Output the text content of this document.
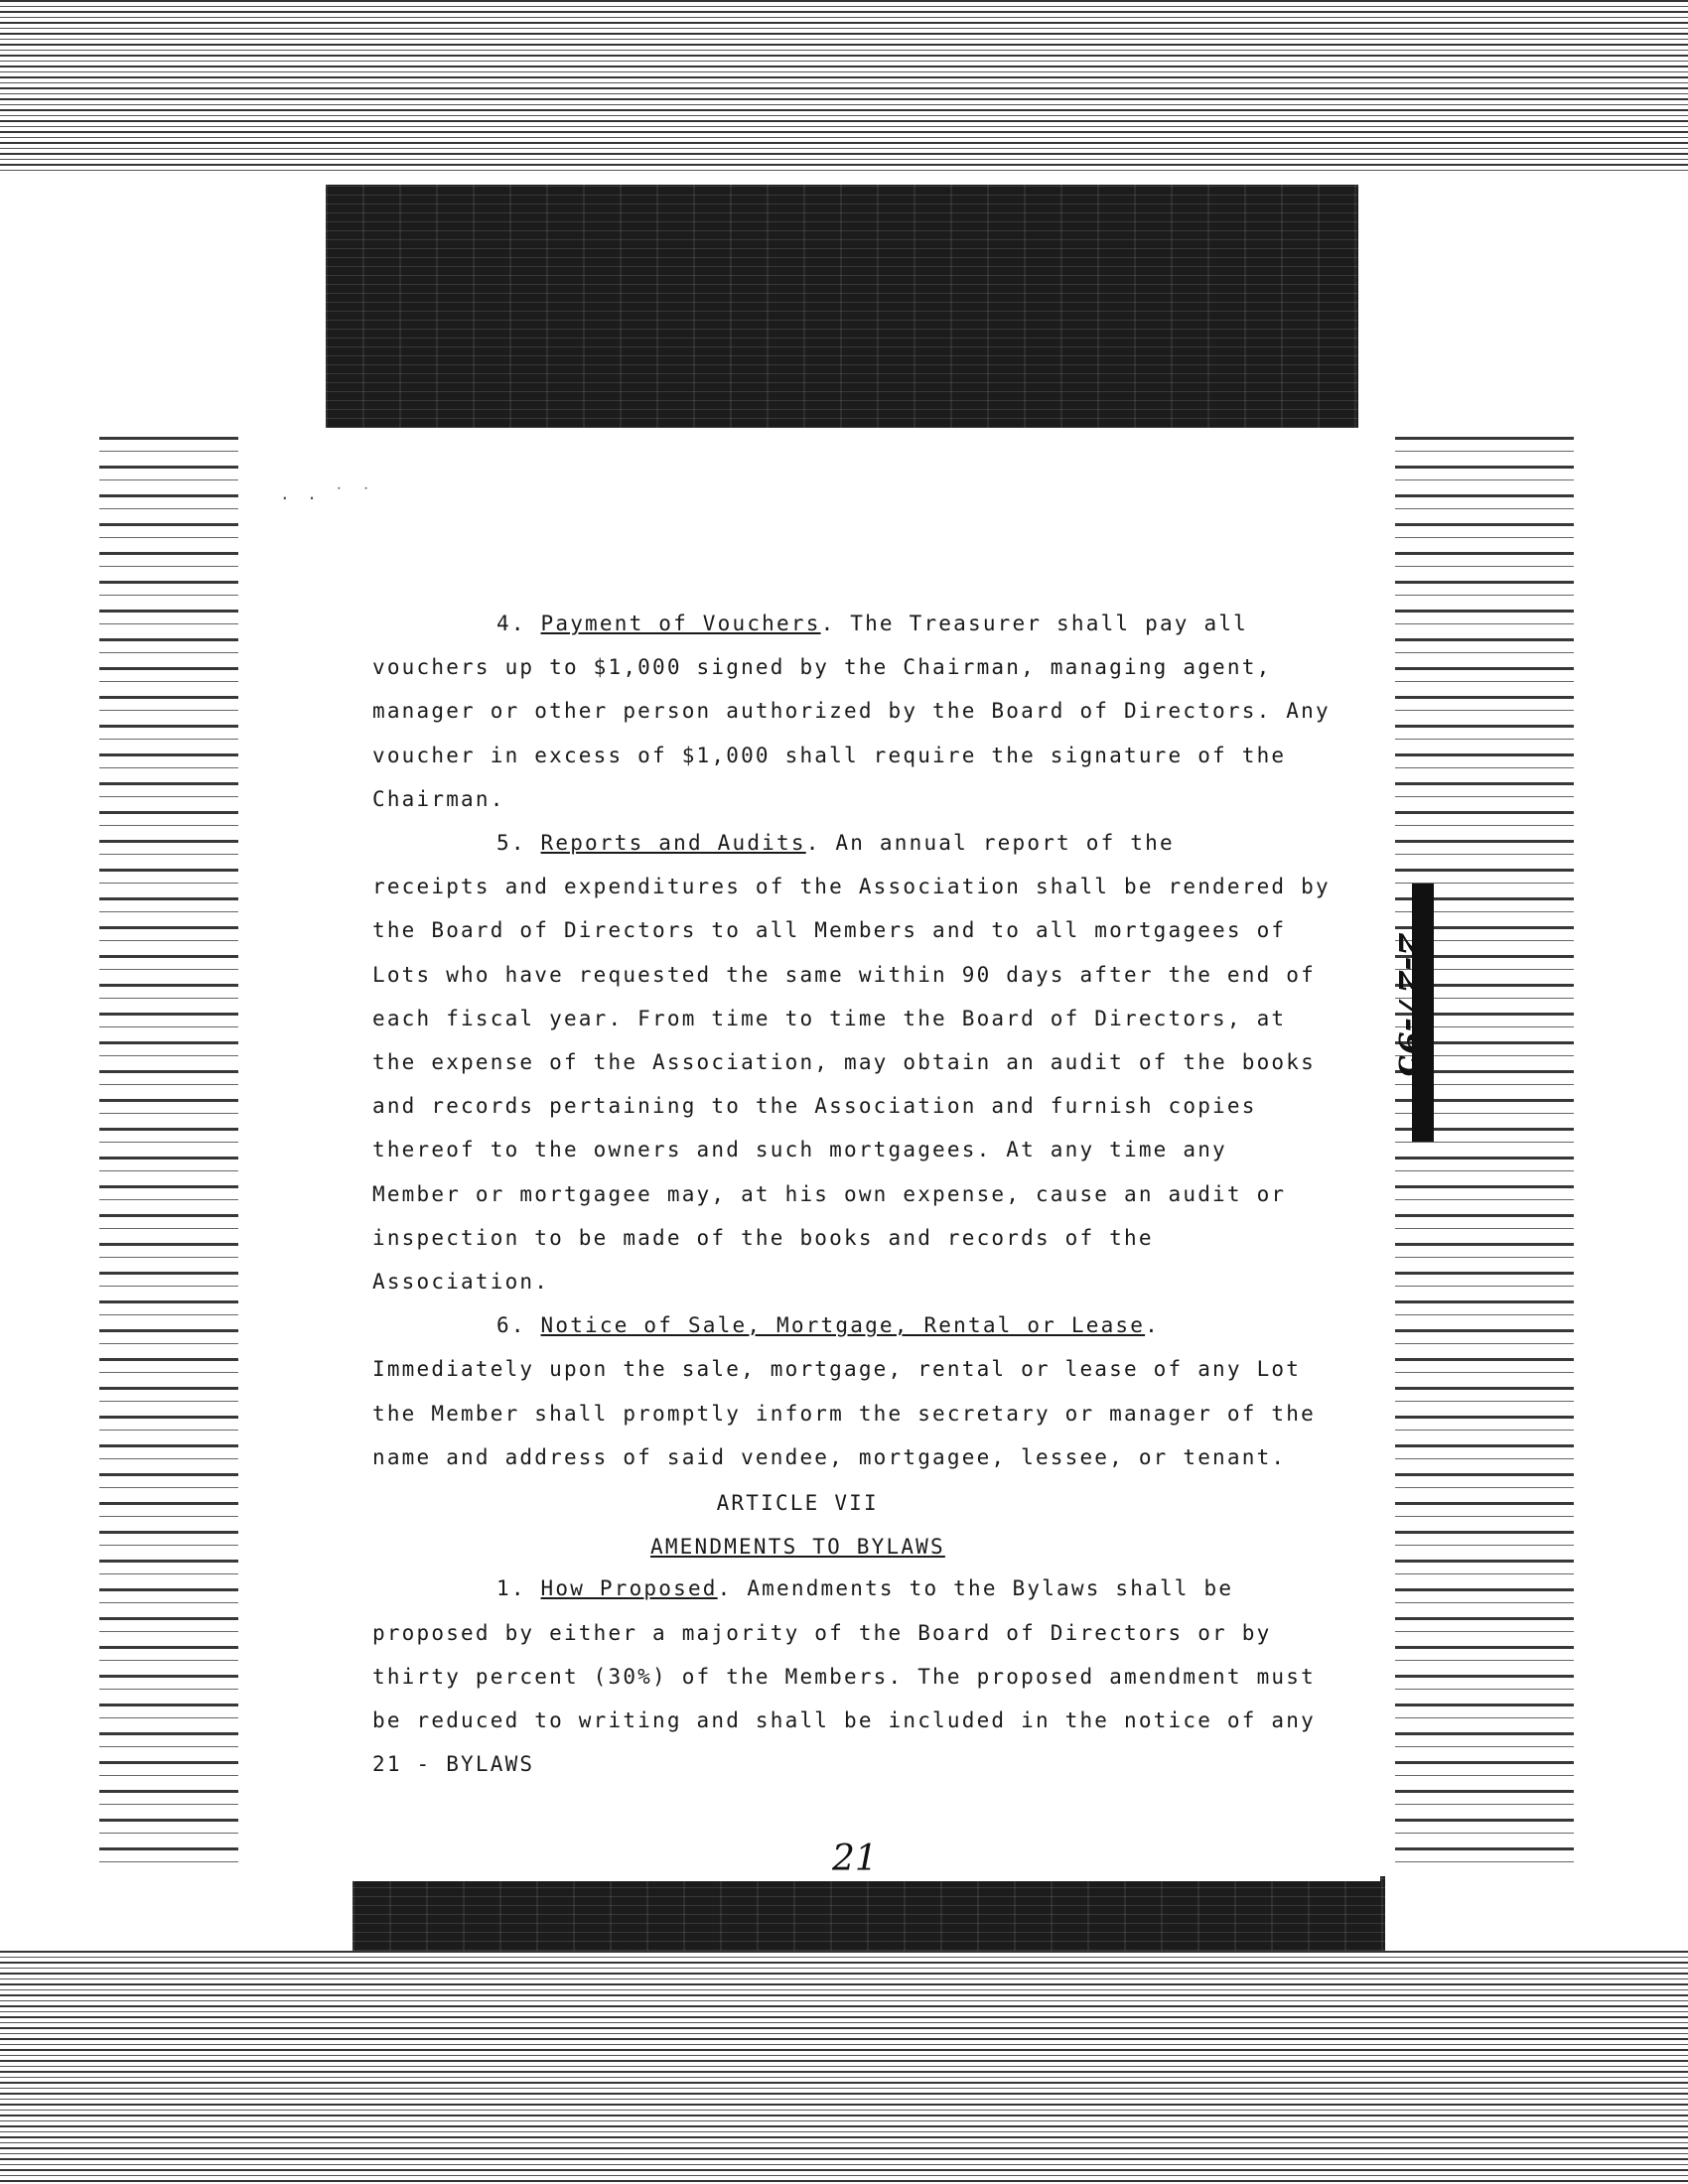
. . ˙ ˙
4. Payment of Vouchers. The Treasurer shall pay all
vouchers up to $1,000 signed by the Chairman, managing agent,
manager or other person authorized by the Board of Directors. Any
voucher in excess of $1,000 shall require the signature of the
Chairman.
5. Reports and Audits. An annual report of the
receipts and expenditures of the Association shall be rendered by
the Board of Directors to all Members and to all mortgagees of
Lots who have requested the same within 90 days after the end of
each fiscal year. From time to time the Board of Directors, at
the expense of the Association, may obtain an audit of the books
and records pertaining to the Association and furnish copies
thereof to the owners and such mortgagees. At any time any
Member or mortgagee may, at his own expense, cause an audit or
inspection to be made of the books and records of the
Association.
6. Notice of Sale, Mortgage, Rental or Lease.
Immediately upon the sale, mortgage, rental or lease of any Lot
the Member shall promptly inform the secretary or manager of the
name and address of said vendee, mortgagee, lessee, or tenant.
ARTICLE VII
AMENDMENTS TO BYLAWS
1. How Proposed. Amendments to the Bylaws shall be
proposed by either a majority of the Board of Directors or by
thirty percent (30%) of the Members. The proposed amendment must
be reduced to writing and shall be included in the notice of any
21 - BYLAWS
2-27-95
21
